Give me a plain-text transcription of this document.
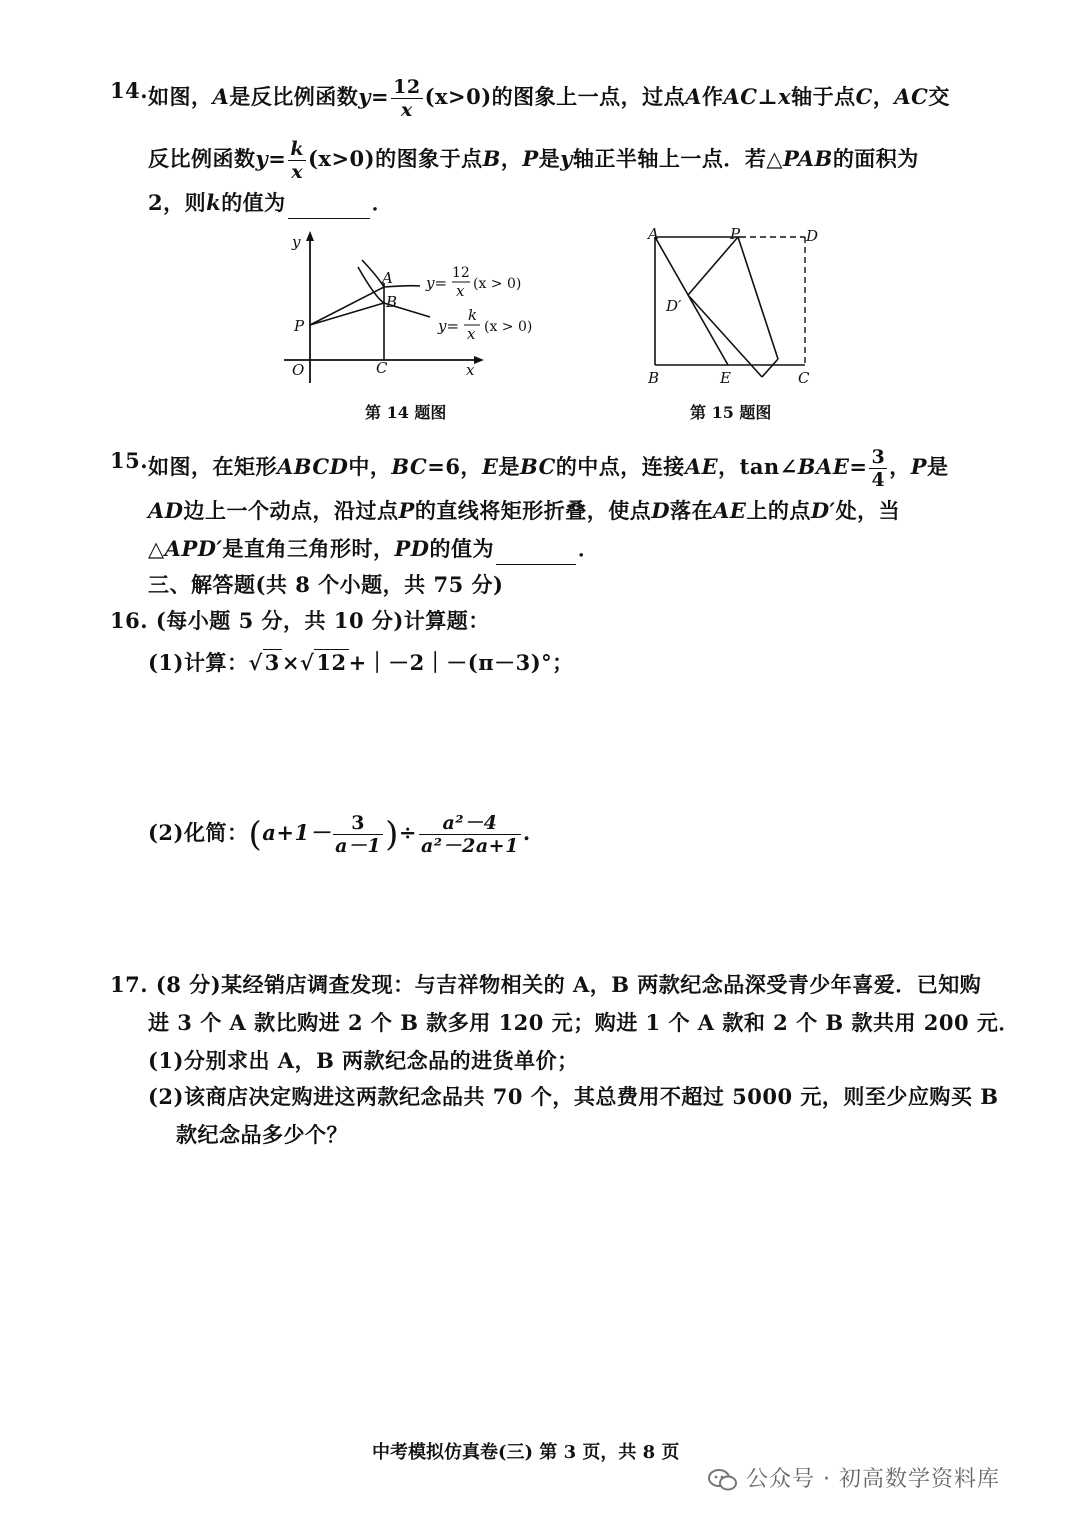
14. 如图，A是反比例函数$y= \frac{12}{x} (x>0)$的图象上一点，过点A作AC⊥x轴于点C，AC交
反比例函数$y= \frac{k}{x} (x>0)$的图象于点B，P是y轴正半轴上一点．若△PAB的面积为
2，则k的值为	．
y
x
O	C
P
A
B
y=
12
x (x > 0)
y=
k
x (x > 0)
第 14 题图
A	P	D
D′
B	E	C
第 15 题图
15. 如图，在矩形ABCD中，BC=6，E是BC的中点，连接AE，tan∠BAE= $\frac{3}{4}$ ，P是
AD边上一个动点，沿过点P的直线将矩形折叠，使点D落在AE上的点D′处，当
△APD′是直角三角形时，PD的值为	．
三、解答题(共 8 个小题，共 75 分)
16. (每小题 5 分，共 10 分)计算题：
(1)计算：√3×√12+｜－2｜－(π－3)°；
(2)化简：($a+1- \frac{3}{a-1}$ )÷ $\frac{\text{a²－4}}{\text{a²－2a+1}}$ .
17. (8 分)某经销店调查发现：与吉祥物相关的 A，B 两款纪念品深受青少年喜爱．已知购
进 3 个 A 款比购进 2 个 B 款多用 120 元；购进 1 个 A 款和 2 个 B 款共用 200 元．
(1)分别求出 A，B 两款纪念品的进货单价；
(2)该商店决定购进这两款纪念品共 70 个，其总费用不超过 5000 元，则至少应购买 B
款纪念品多少个？
中考模拟仿真卷(三) 第 3 页，共 8 页
公众号 · 初高数学资料库
